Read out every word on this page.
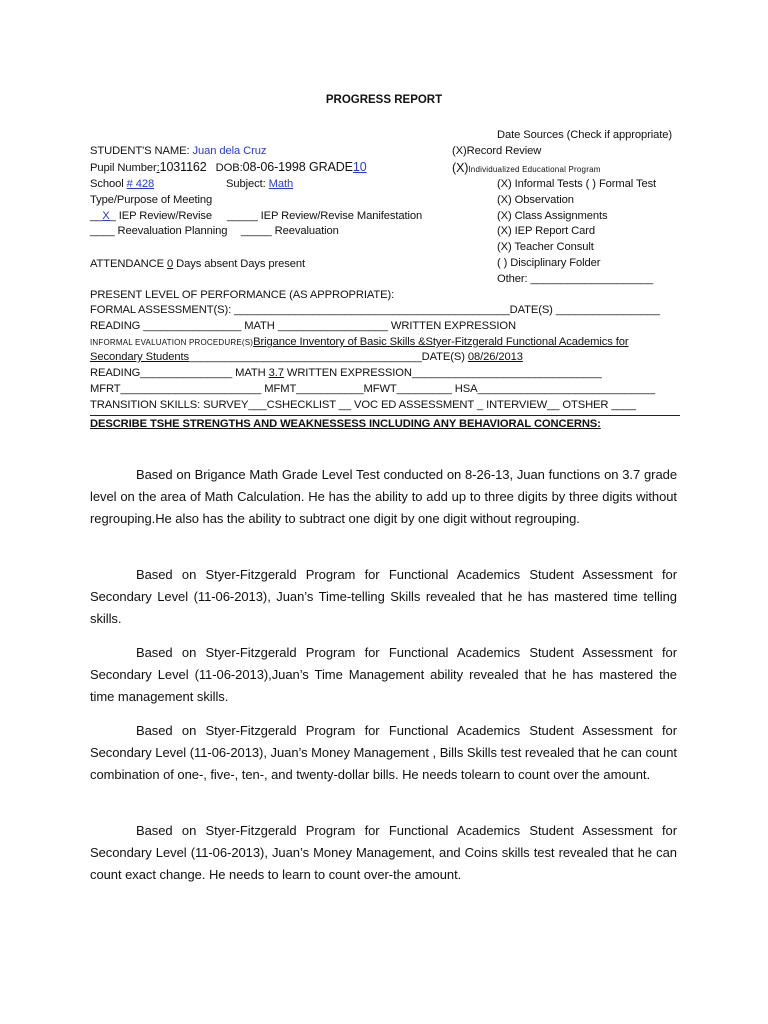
PROGRESS REPORT
Date Sources (Check if appropriate)
(X)Record Review
(X)Individualized Educational Program
(X) Informal Tests ( ) Formal Test
(X) Observation
(X) Class Assignments
(X) IEP Report Card
(X) Teacher Consult
( ) Disciplinary Folder
Other: ____________________
STUDENT'S NAME: Juan dela Cruz
Pupil Number:1031162 DOB:08-06-1998 GRADE10
School # 428	Subject: Math
Type/Purpose of Meeting
__X_ IEP Review/Revise _____ IEP Review/Revise Manifestation
____ Reevaluation Planning _____ Reevaluation
ATTENDANCE 0 Days absent Days present
PRESENT LEVEL OF PERFORMANCE (AS APPROPRIATE):
FORMAL ASSESSMENT(S): _____________________________________________DATE(S) _________________
READING ________________ MATH __________________ WRITTEN EXPRESSION
INFORMAL EVALUATION PROCEDURE(S)Brigance Inventory of Basic Skills &Styer-Fitzgerald Functional Academics for
Secondary Students______________________________________DATE(S) 08/26/2013
READING_______________ MATH 3.7 WRITTEN EXPRESSION_______________________________
MFRT_______________________ MFMT___________MFWT_________ HSA_____________________________
TRANSITION SKILLS: SURVEY___CSHECKLIST __ VOC ED ASSESSMENT _ INTERVIEW__ OTSHER ____
DESCRIBE TSHE STRENGTHS AND WEAKNESSESS INCLUDING ANY BEHAVIORAL CONCERNS:
Based on Brigance Math Grade Level Test conducted on 8-26-13, Juan functions on 3.7 grade level on the area of Math Calculation. He has the ability to add up to three digits by three digits without regrouping.He also has the ability to subtract one digit by one digit without regrouping.
Based on Styer-Fitzgerald Program for Functional Academics Student Assessment for Secondary Level (11-06-2013), Juan’s Time-telling Skills revealed that he has mastered time telling skills.
Based on Styer-Fitzgerald Program for Functional Academics Student Assessment for Secondary Level (11-06-2013),Juan’s Time Management ability revealed that he has mastered the time management skills.
Based on Styer-Fitzgerald Program for Functional Academics Student Assessment for Secondary Level (11-06-2013), Juan’s Money Management , Bills Skills test revealed that he can count combination of one-, five-, ten-, and twenty-dollar bills. He needs tolearn to count over the amount.
Based on Styer-Fitzgerald Program for Functional Academics Student Assessment for Secondary Level (11-06-2013), Juan’s Money Management, and Coins skills test revealed that he can count exact change. He needs to learn to count over-the amount.
